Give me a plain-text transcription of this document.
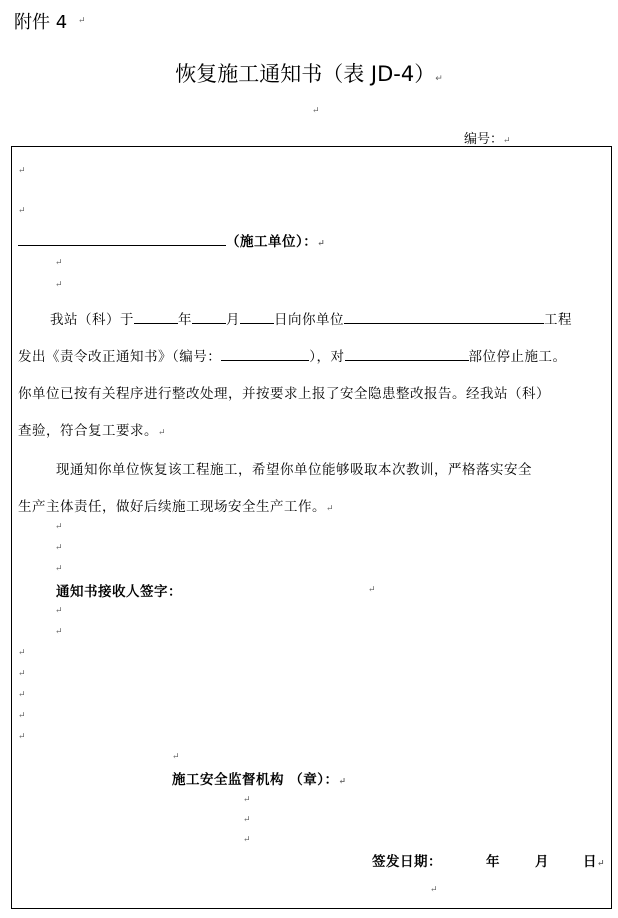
附件 4 ↵
恢复施工通知书（表 JD-4）↵
↵
编号：↵
↵
↵
（施工单位）：↵
↵
↵
我站（科）于	年	月	日向你单位	工程
发出《责令改正通知书》（编号：	），对	部位停止施工。
你单位已按有关程序进行整改处理，并按要求上报了安全隐患整改报告。经我站（科）
查验，符合复工要求。↵
现通知你单位恢复该工程施工，希望你单位能够吸取本次教训，严格落实安全
生产主体责任，做好后续施工现场安全生产工作。↵
↵
↵
↵
通知书接收人签字：	↵
↵
↵
↵
↵
↵
↵
↵
↵
施工安全监督机构 （章）：↵
↵
↵
↵
签发日期：	年	月	日↵
↵
